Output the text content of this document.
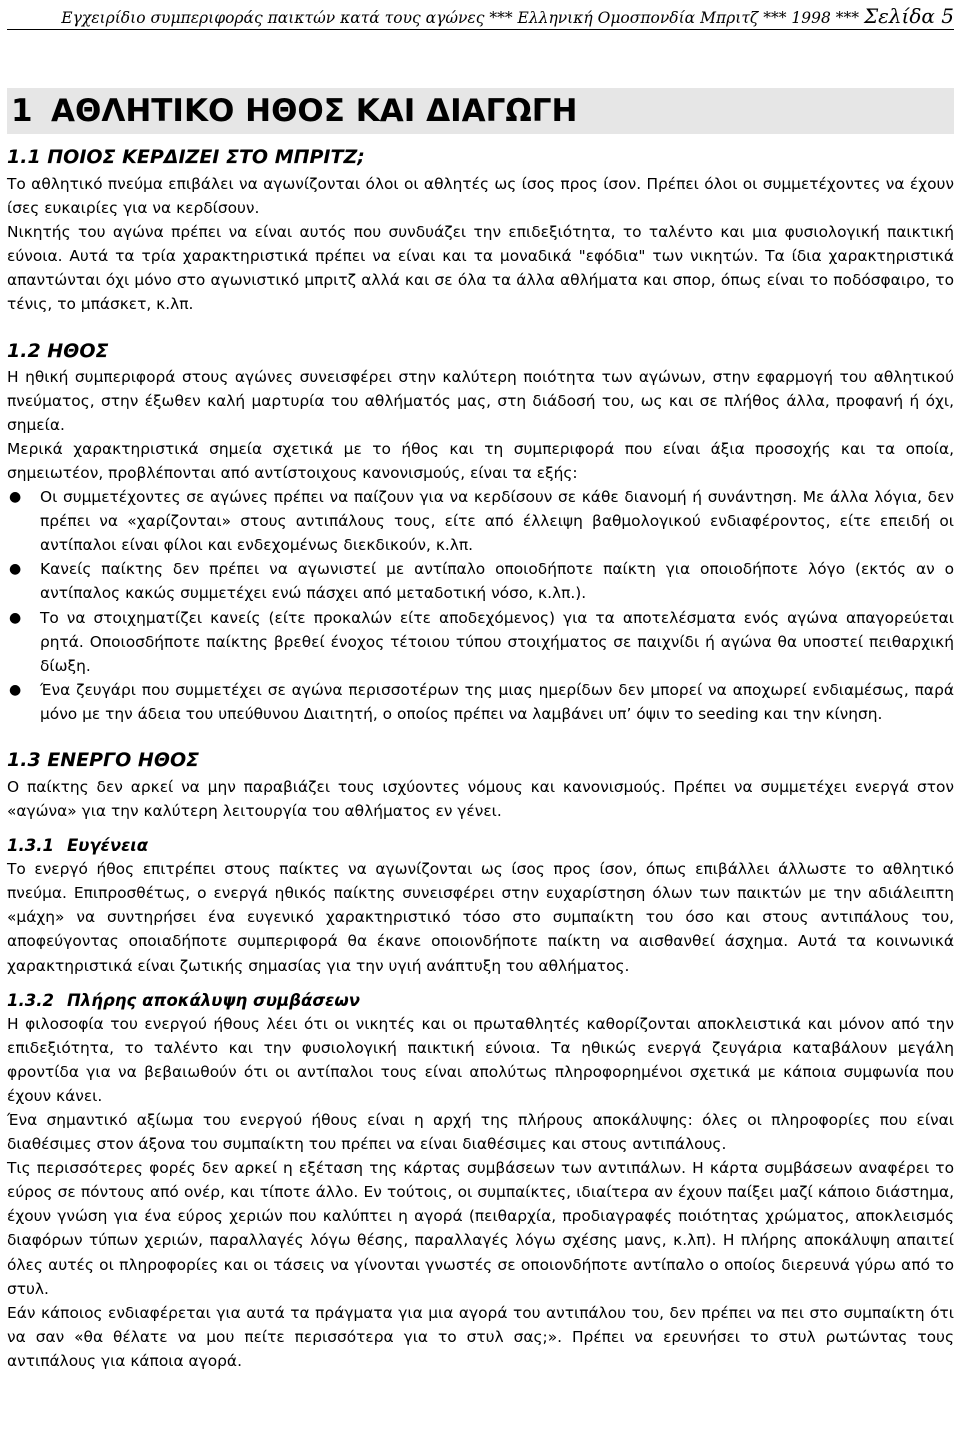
Εγχειρίδιο συμπεριφοράς παικτών κατά τους αγώνες *** Ελληνική Ομοσπονδία Μπριτζ *** 1998 *** Σελίδα 5
1 ΑΘΛΗΤΙΚΟ ΗΘΟΣ ΚΑΙ ΔΙΑΓΩΓΗ
1.1 ΠΟΙΟΣ ΚΕΡΔΙΖΕΙ ΣΤΟ ΜΠΡΙΤΖ;

Το αθλητικό πνεύμα επιβάλει να αγωνίζονται όλοι οι αθλητές ως ίσος προς ίσον. Πρέπει όλοι οι συμμετέχοντες να έχουν ίσες ευκαιρίες για να κερδίσουν.

Νικητής του αγώνα πρέπει να είναι αυτός που συνδυάζει την επιδεξιότητα, το ταλέντο και μια φυσιολογική παικτική εύνοια. Αυτά τα τρία χαρακτηριστικά πρέπει να είναι και τα μοναδικά "εφόδια" των νικητών. Τα ίδια χαρακτηριστικά απαντώνται όχι μόνο στο αγωνιστικό μπριτζ αλλά και σε όλα τα άλλα αθλήματα και σπορ, όπως είναι το ποδόσφαιρο, το τένις, το μπάσκετ, κ.λπ.

1.2 ΗΘΟΣ

Η ηθική συμπεριφορά στους αγώνες συνεισφέρει στην καλύτερη ποιότητα των αγώνων, στην εφαρμογή του αθλητικού πνεύματος, στην έξωθεν καλή μαρτυρία του αθλήματός μας, στη διάδοσή του, ως και σε πλήθος άλλα, προφανή ή όχι, σημεία.

Μερικά χαρακτηριστικά σημεία σχετικά με το ήθος και τη συμπεριφορά που είναι άξια προσοχής και τα οποία, σημειωτέον, προβλέπονται από αντίστοιχους κανονισμούς, είναι τα εξής:

● Οι συμμετέχοντες σε αγώνες πρέπει να παίζουν για να κερδίσουν σε κάθε διανομή ή συνάντηση. Με άλλα λόγια, δεν πρέπει να «χαρίζονται» στους αντιπάλους τους, είτε από έλλειψη βαθμολογικού ενδιαφέροντος, είτε επειδή οι αντίπαλοι είναι φίλοι και ενδεχομένως διεκδικούν, κ.λπ.
● Κανείς παίκτης δεν πρέπει να αγωνιστεί με αντίπαλο οποιοδήποτε παίκτη για οποιοδήποτε λόγο (εκτός αν ο αντίπαλος κακώς συμμετέχει ενώ πάσχει από μεταδοτική νόσο, κ.λπ.).
● Το να στοιχηματίζει κανείς (είτε προκαλών είτε αποδεχόμενος) για τα αποτελέσματα ενός αγώνα απαγορεύεται ρητά. Οποιοσδήποτε παίκτης βρεθεί ένοχος τέτοιου τύπου στοιχήματος σε παιχνίδι ή αγώνα θα υποστεί πειθαρχική δίωξη.
● Ένα ζευγάρι που συμμετέχει σε αγώνα περισσοτέρων της μιας ημερίδων δεν μπορεί να αποχωρεί ενδιαμέσως, παρά μόνο με την άδεια του υπεύθυνου Διαιτητή, ο οποίος πρέπει να λαμβάνει υπ’ όψιν το seeding και την κίνηση.
1.3 ΕΝΕΡΓΟ ΗΘΟΣ

Ο παίκτης δεν αρκεί να μην παραβιάζει τους ισχύοντες νόμους και κανονισμούς. Πρέπει να συμμετέχει ενεργά στον «αγώνα» για την καλύτερη λειτουργία του αθλήματος εν γένει.

1.3.1 Ευγένεια

Το ενεργό ήθος επιτρέπει στους παίκτες να αγωνίζονται ως ίσος προς ίσον, όπως επιβάλλει άλλωστε το αθλητικό πνεύμα. Επιπροσθέτως, ο ενεργά ηθικός παίκτης συνεισφέρει στην ευχαρίστηση όλων των παικτών με την αδιάλειπτη «μάχη» να συντηρήσει ένα ευγενικό χαρακτηριστικό τόσο στο συμπαίκτη του όσο και στους αντιπάλους του, αποφεύγοντας οποιαδήποτε συμπεριφορά θα έκανε οποιονδήποτε παίκτη να αισθανθεί άσχημα. Αυτά τα κοινωνικά χαρακτηριστικά είναι ζωτικής σημασίας για την υγιή ανάπτυξη του αθλήματος.

1.3.2 Πλήρης αποκάλυψη συμβάσεων

Η φιλοσοφία του ενεργού ήθους λέει ότι οι νικητές και οι πρωταθλητές καθορίζονται αποκλειστικά και μόνον από την επιδεξιότητα, το ταλέντο και την φυσιολογική παικτική εύνοια. Τα ηθικώς ενεργά ζευγάρια καταβάλουν μεγάλη φροντίδα για να βεβαιωθούν ότι οι αντίπαλοι τους είναι απολύτως πληροφορημένοι σχετικά με κάποια συμφωνία που έχουν κάνει.

Ένα σημαντικό αξίωμα του ενεργού ήθους είναι η αρχή της πλήρους αποκάλυψης: όλες οι πληροφορίες που είναι διαθέσιμες στον άξονα του συμπαίκτη του πρέπει να είναι διαθέσιμες και στους αντιπάλους.

Τις περισσότερες φορές δεν αρκεί η εξέταση της κάρτας συμβάσεων των αντιπάλων. Η κάρτα συμβάσεων αναφέρει το εύρος σε πόντους από ονέρ, και τίποτε άλλο. Εν τούτοις, οι συμπαίκτες, ιδιαίτερα αν έχουν παίξει μαζί κάποιο διάστημα, έχουν γνώση για ένα εύρος χεριών που καλύπτει η αγορά (πειθαρχία, προδιαγραφές ποιότητας χρώματος, αποκλεισμός διαφόρων τύπων χεριών, παραλλαγές λόγω θέσης, παραλλαγές λόγω σχέσης μανς, κ.λπ). Η πλήρης αποκάλυψη απαιτεί όλες αυτές οι πληροφορίες και οι τάσεις να γίνονται γνωστές σε οποιονδήποτε αντίπαλο ο οποίος διερευνά γύρω από το στυλ.

Εάν κάποιος ενδιαφέρεται για αυτά τα πράγματα για μια αγορά του αντιπάλου του, δεν πρέπει να πει στο συμπαίκτη ότι να σαν «θα θέλατε να μου πείτε περισσότερα για το στυλ σας;». Πρέπει να ερευνήσει το στυλ ρωτώντας τους αντιπάλους για κάποια αγορά.
